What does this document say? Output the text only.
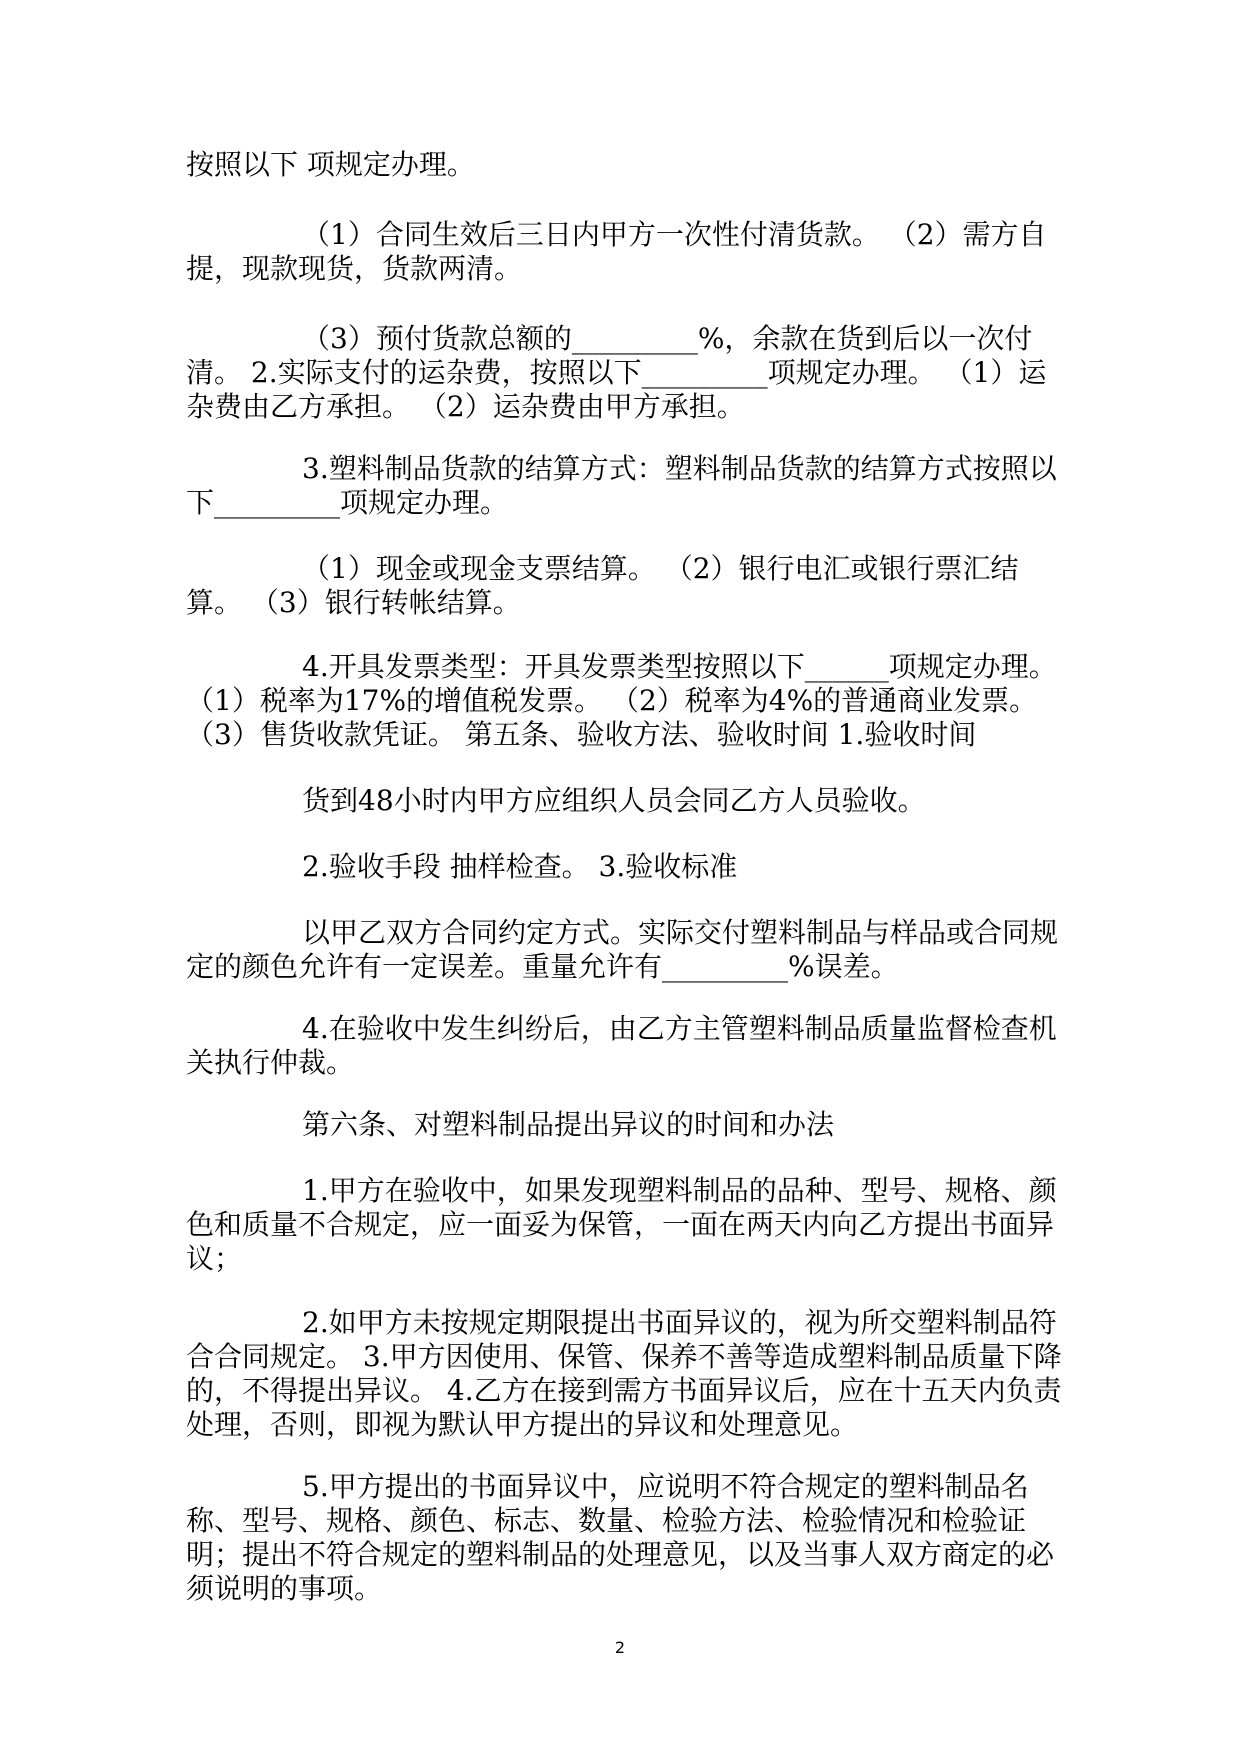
按照以下 项规定办理。

（1）合同生效后三日内甲方一次性付清货款。 （2）需方自提，现款现货，货款两清。

（3）预付货款总额的_________%，余款在货到后以一次付清。 2.实际支付的运杂费，按照以下_________项规定办理。 （1）运杂费由乙方承担。 （2）运杂费由甲方承担。

3.塑料制品货款的结算方式：塑料制品货款的结算方式按照以下_________项规定办理。

（1）现金或现金支票结算。 （2）银行电汇或银行票汇结算。 （3）银行转帐结算。

4.开具发票类型：开具发票类型按照以下______项规定办理。 （1）税率为17%的增值税发票。 （2）税率为4%的普通商业发票。 （3）售货收款凭证。 第五条、验收方法、验收时间 1.验收时间

货到48小时内甲方应组织人员会同乙方人员验收。

2.验收手段 抽样检查。 3.验收标准

以甲乙双方合同约定方式。实际交付塑料制品与样品或合同规定的颜色允许有一定误差。重量允许有_________%误差。

4.在验收中发生纠纷后，由乙方主管塑料制品质量监督检查机关执行仲裁。

第六条、对塑料制品提出异议的时间和办法

1.甲方在验收中，如果发现塑料制品的品种、型号、规格、颜色和质量不合规定，应一面妥为保管，一面在两天内向乙方提出书面异议；

2.如甲方未按规定期限提出书面异议的，视为所交塑料制品符合合同规定。 3.甲方因使用、保管、保养不善等造成塑料制品质量下降的，不得提出异议。 4.乙方在接到需方书面异议后，应在十五天内负责处理，否则，即视为默认甲方提出的异议和处理意见。

5.甲方提出的书面异议中，应说明不符合规定的塑料制品名称、型号、规格、颜色、标志、数量、检验方法、检验情况和检验证明；提出不符合规定的塑料制品的处理意见，以及当事人双方商定的必须说明的事项。

2
